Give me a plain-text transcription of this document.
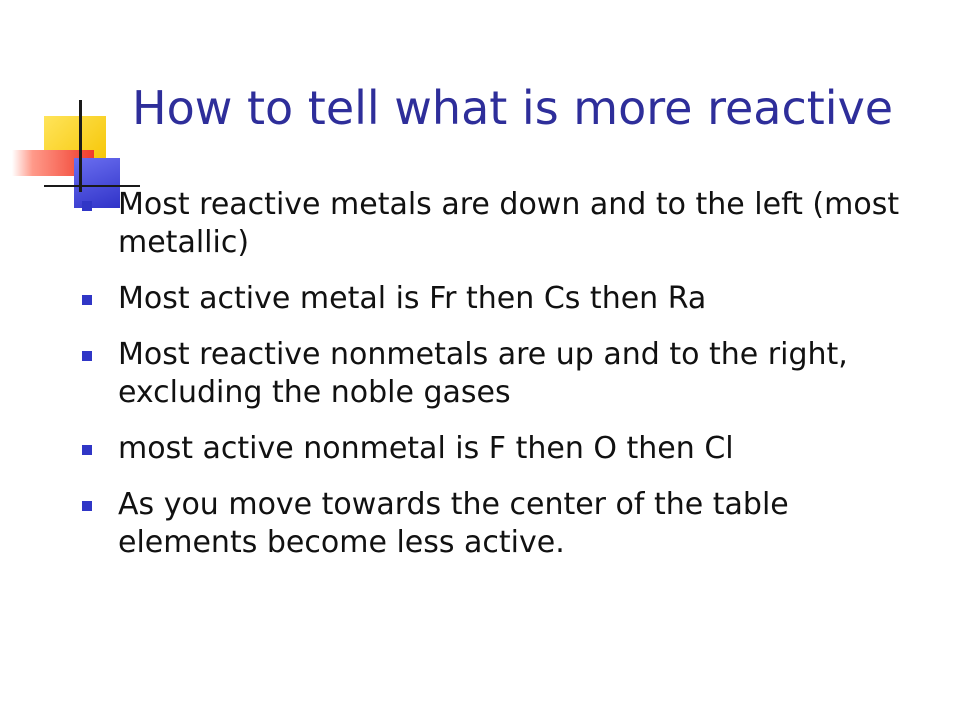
How to tell what is more reactive
Most reactive metals are down and to the left (most metallic)
Most active metal is Fr then Cs then Ra
Most reactive nonmetals are up and to the right, excluding the noble gases
most active nonmetal is F then O then Cl
As you move towards the center of the table elements become less active.
